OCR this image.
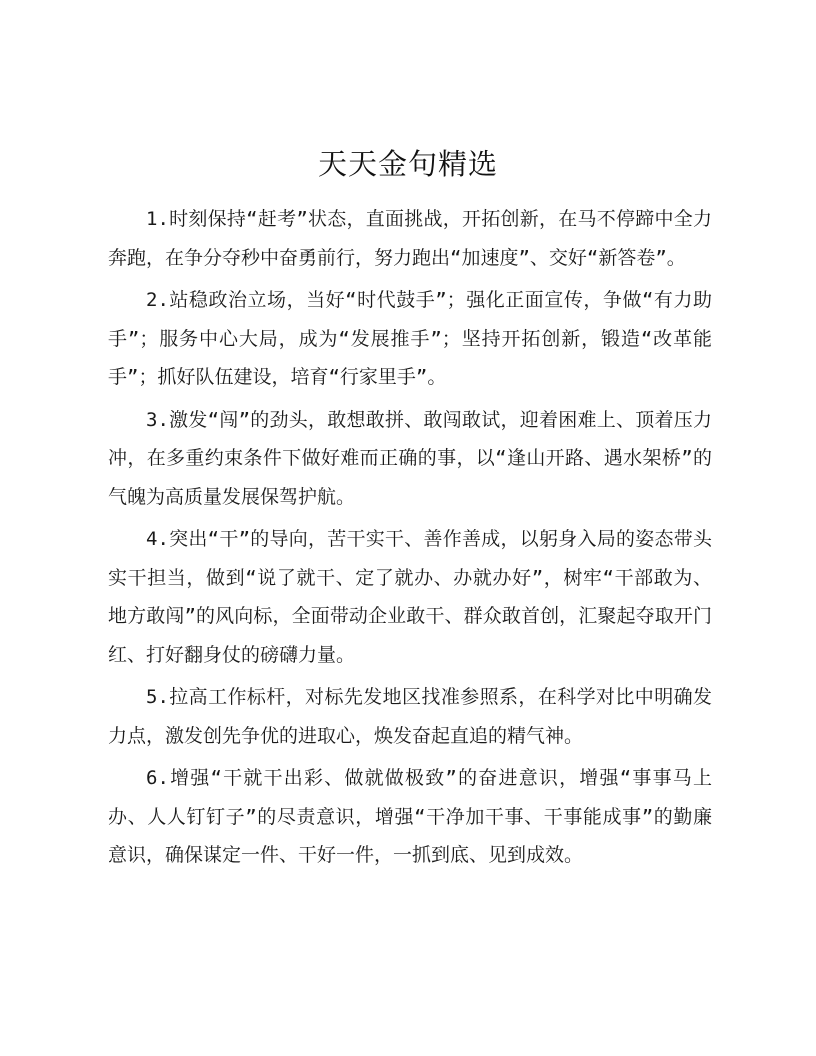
天天金句精选

1.时刻保持“赶考”状态，直面挑战，开拓创新，在马不停蹄中全力奔跑，在争分夺秒中奋勇前行，努力跑出“加速度”、交好“新答卷”。

2.站稳政治立场，当好“时代鼓手”；强化正面宣传，争做“有力助手”；服务中心大局，成为“发展推手”；坚持开拓创新，锻造“改革能手”；抓好队伍建设，培育“行家里手”。

3.激发“闯”的劲头，敢想敢拼、敢闯敢试，迎着困难上、顶着压力冲，在多重约束条件下做好难而正确的事，以“逢山开路、遇水架桥”的气魄为高质量发展保驾护航。

4.突出“干”的导向，苦干实干、善作善成，以躬身入局的姿态带头实干担当，做到“说了就干、定了就办、办就办好”，树牢“干部敢为、地方敢闯”的风向标，全面带动企业敢干、群众敢首创，汇聚起夺取开门红、打好翻身仗的磅礴力量。

5.拉高工作标杆，对标先发地区找准参照系，在科学对比中明确发力点，激发创先争优的进取心，焕发奋起直追的精气神。

6.增强“干就干出彩、做就做极致”的奋进意识，增强“事事马上办、人人钉钉子”的尽责意识，增强“干净加干事、干事能成事”的勤廉意识，确保谋定一件、干好一件，一抓到底、见到成效。
